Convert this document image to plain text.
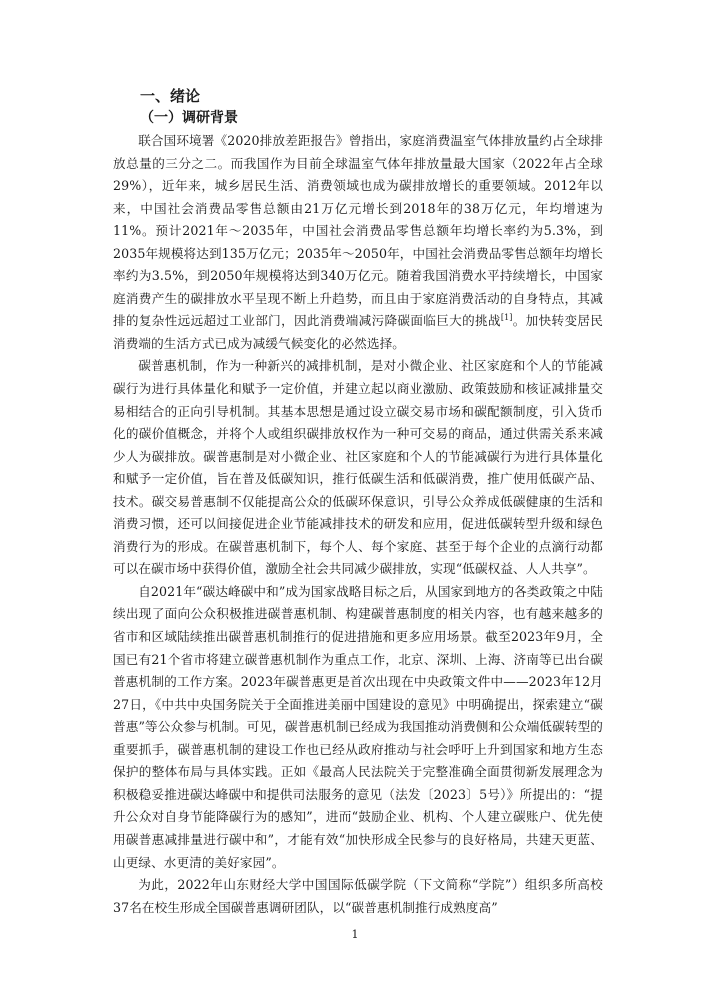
一、绪论
（一）调研背景

联合国环境署《2020排放差距报告》曾指出，家庭消费温室气体排放量约占全球排放总量的三分之二。而我国作为目前全球温室气体年排放量最大国家（2022年占全球29%），近年来，城乡居民生活、消费领域也成为碳排放增长的重要领域。2012年以来，中国社会消费品零售总额由21万亿元增长到2018年的38万亿元，年均增速为11%。预计2021年～2035年，中国社会消费品零售总额年均增长率约为5.3%，到2035年规模将达到135万亿元；2035年～2050年，中国社会消费品零售总额年均增长率约为3.5%，到2050年规模将达到340万亿元。随着我国消费水平持续增长，中国家庭消费产生的碳排放水平呈现不断上升趋势，而且由于家庭消费活动的自身特点，其减排的复杂性远远超过工业部门，因此消费端减污降碳面临巨大的挑战[1]。加快转变居民消费端的生活方式已成为减缓气候变化的必然选择。

碳普惠机制，作为一种新兴的减排机制，是对小微企业、社区家庭和个人的节能减碳行为进行具体量化和赋予一定价值，并建立起以商业激励、政策鼓励和核证减排量交易相结合的正向引导机制。其基本思想是通过设立碳交易市场和碳配额制度，引入货币化的碳价值概念，并将个人或组织碳排放权作为一种可交易的商品，通过供需关系来减少人为碳排放。碳普惠制是对小微企业、社区家庭和个人的节能减碳行为进行具体量化和赋予一定价值，旨在普及低碳知识，推行低碳生活和低碳消费，推广使用低碳产品、技术。碳交易普惠制不仅能提高公众的低碳环保意识，引导公众养成低碳健康的生活和消费习惯，还可以间接促进企业节能减排技术的研发和应用，促进低碳转型升级和绿色消费行为的形成。在碳普惠机制下，每个人、每个家庭、甚至于每个企业的点滴行动都可以在碳市场中获得价值，激励全社会共同减少碳排放，实现“低碳权益、人人共享”。

自2021年“碳达峰碳中和”成为国家战略目标之后，从国家到地方的各类政策之中陆续出现了面向公众积极推进碳普惠机制、构建碳普惠制度的相关内容，也有越来越多的省市和区域陆续推出碳普惠机制推行的促进措施和更多应用场景。截至2023年9月，全国已有21个省市将建立碳普惠机制作为重点工作，北京、深圳、上海、济南等已出台碳普惠机制的工作方案。2023年碳普惠更是首次出现在中央政策文件中——2023年12月27日，《中共中央国务院关于全面推进美丽中国建设的意见》中明确提出，探索建立“碳普惠”等公众参与机制。可见，碳普惠机制已经成为我国推动消费侧和公众端低碳转型的重要抓手，碳普惠机制的建设工作也已经从政府推动与社会呼吁上升到国家和地方生态保护的整体布局与具体实践。正如《最高人民法院关于完整准确全面贯彻新发展理念为积极稳妥推进碳达峰碳中和提供司法服务的意见（法发〔2023〕5号）》所提出的：“提升公众对自身节能降碳行为的感知”，进而“鼓励企业、机构、个人建立碳账户、优先使用碳普惠减排量进行碳中和”，才能有效“加快形成全民参与的良好格局，共建天更蓝、山更绿、水更清的美好家园”。

为此，2022年山东财经大学中国国际低碳学院（下文简称“学院”）组织多所高校37名在校生形成全国碳普惠调研团队，以“碳普惠机制推行成熟度高”

1
